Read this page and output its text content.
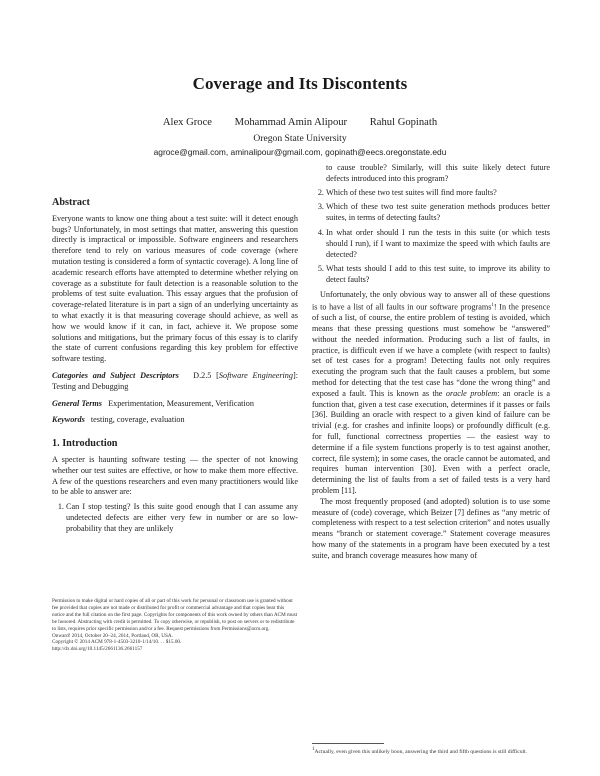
Coverage and Its Discontents
Alex Groce Mohammad Amin Alipour Rahul Gopinath
Oregon State University
agroce@gmail.com, aminalipour@gmail.com, gopinath@eecs.oregonstate.edu
Abstract

Everyone wants to know one thing about a test suite: will it detect enough bugs? Unfortunately, in most settings that matter, answering this question directly is impractical or impossible. Software engineers and researchers therefore tend to rely on various measures of code coverage (where mutation testing is considered a form of syntactic coverage). A long line of academic research efforts have attempted to determine whether relying on coverage as a substitute for fault detection is a reasonable solution to the problems of test suite evaluation. This essay argues that the profusion of coverage-related literature is in part a sign of an underlying uncertainty as to what exactly it is that measuring coverage should achieve, as well as how we would know if it can, in fact, achieve it. We propose some solutions and mitigations, but the primary focus of this essay is to clarify the state of current confusions regarding this key problem for effective software testing.

Categories and Subject Descriptors D.2.5 [Software Engineering]: Testing and Debugging
General Terms Experimentation, Measurement, Verification
Keywords testing, coverage, evaluation
1. Introduction

A specter is haunting software testing — the specter of not knowing whether our test suites are effective, or how to make them more effective. A few of the questions researchers and even many practitioners would like to be able to answer are:

1. Can I stop testing? Is this suite good enough that I can assume any undetected defects are either very few in number or are so low-probability that they are unlikely
Permission to make digital or hard copies of all or part of this work for personal or classroom use is granted without fee provided that copies are not made or distributed for profit or commercial advantage and that copies bear this notice and the full citation on the first page. Copyrights for components of this work owned by others than ACM must be honored. Abstracting with credit is permitted. To copy otherwise, or republish, to post on servers or to redistribute to lists, requires prior specific permission and/or a fee. Request permissions from Permissions@acm.org.
Onward! 2014, October 20–24, 2014, Portland, OR, USA.
Copyright © 2014 ACM 978-1-4503-3210-1/14/10. . . $15.00.
http://dx.doi.org/10.1145/2661136.2661157

to cause trouble? Similarly, will this suite likely detect future defects introduced into this program?

2. Which of these two test suites will find more faults?
3. Which of these two test suite generation methods produces better suites, in terms of detecting faults?
4. In what order should I run the tests in this suite (or which tests should I run), if I want to maximize the speed with which faults are detected?
5. What tests should I add to this test suite, to improve its ability to detect faults?

Unfortunately, the only obvious way to answer all of these questions is to have a list of all faults in our software programs$^1$! In the presence of such a list, of course, the entire problem of testing is avoided, which means that these pressing questions must somehow be “answered” without the needed information. Producing such a list of faults, in practice, is difficult even if we have a complete (with respect to faults) set of test cases for a program! Detecting faults not only requires executing the program such that the fault causes a problem, but some method for detecting that the test case has “done the wrong thing” and exposed a fault. This is known as the oracle problem: an oracle is a function that, given a test case execution, determines if it passes or fails [36]. Building an oracle with respect to a given kind of failure can be trivial (e.g. for crashes and infinite loops) or profoundly difficult (e.g. for full, functional correctness properties — the easiest way to determine if a file system functions properly is to test against another, correct, file system); in some cases, the oracle cannot be automated, and requires human intervention [30]. Even with a perfect oracle, determining the list of faults from a set of failed tests is a very hard problem [11].

The most frequently proposed (and adopted) solution is to use some measure of (code) coverage, which Beizer [7] defines as “any metric of completeness with respect to a test selection criterion” and notes usually means “branch or statement coverage.” Statement coverage measures how many of the statements in a program have been executed by a test suite, and branch coverage measures how many of

$^1$Actually, even given this unlikely boon, answering the third and fifth questions is still difficult.
